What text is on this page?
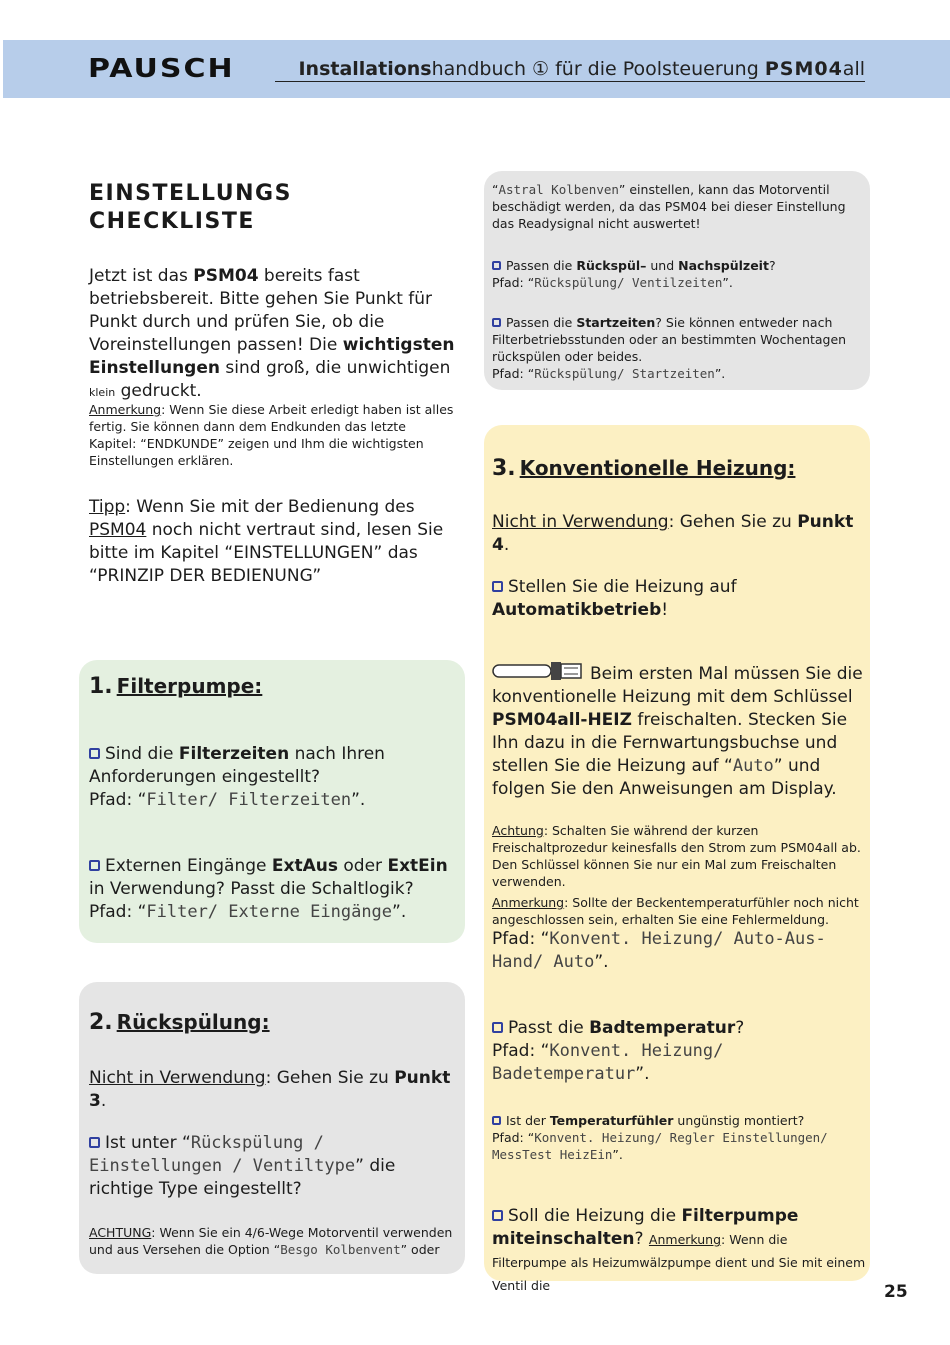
PAUSCH	Installationshandbuch ① für die Poolsteuerung PSM04all
EINSTELLUNGS
CHECKLISTE
Jetzt ist das PSM04 bereits fast betriebsbereit. Bitte gehen Sie Punkt für Punkt durch und prüfen Sie, ob die Voreinstellungen passen! Die wichtigsten Einstellungen sind groß, die unwichtigen klein gedruckt.
Anmerkung: Wenn Sie diese Arbeit erledigt haben ist alles fertig. Sie können dann dem Endkunden das letzte Kapitel: “ENDKUNDE” zeigen und Ihm die wichtigsten Einstellungen erklären.
Tipp: Wenn Sie mit der Bedienung des PSM04 noch nicht vertraut sind, lesen Sie bitte im Kapitel “EINSTELLUNGEN” das “PRINZIP DER BEDIENUNG”
1. Filterpumpe:
Sind die Filterzeiten nach Ihren Anforderungen eingestellt?
Pfad: “Filter/ Filterzeiten”.
Externen Eingänge ExtAus oder ExtEin in Verwendung? Passt die Schaltlogik?
Pfad: “Filter/ Externe Eingänge”.
2. Rückspülung:
Nicht in Verwendung: Gehen Sie zu Punkt 3.
Ist unter “Rückspülung / Einstellungen / Ventiltype” die richtige Type eingestellt?
ACHTUNG: Wenn Sie ein 4/6-Wege Motorventil verwenden und aus Versehen die Option “Besgo Kolbenvent” oder
“Astral Kolbenven” einstellen, kann das Motorventil beschädigt werden, da das PSM04 bei dieser Einstellung das Readysignal nicht auswertet!
Passen die Rückspül– und Nachspülzeit?
Pfad: “Rückspülung/ Ventilzeiten”.
Passen die Startzeiten? Sie können entweder nach Filterbetriebsstunden oder an bestimmten Wochentagen rückspülen oder beides.
Pfad: “Rückspülung/ Startzeiten”.
3. Konventionelle Heizung:
Nicht in Verwendung: Gehen Sie zu Punkt 4.
Stellen Sie die Heizung auf Automatikbetrieb!
Beim ersten Mal müssen Sie die konventionelle Heizung mit dem Schlüssel PSM04all-HEIZ freischalten. Stecken Sie Ihn dazu in die Fernwartungsbuchse und stellen Sie die Heizung auf “Auto” und folgen Sie den Anweisungen am Display.
Achtung: Schalten Sie während der kurzen Freischaltprozedur keinesfalls den Strom zum PSM04all ab. Den Schlüssel können Sie nur ein Mal zum Freischalten verwenden.
Anmerkung: Sollte der Beckentemperaturfühler noch nicht angeschlossen sein, erhalten Sie eine Fehlermeldung.
Pfad: “Konvent. Heizung/ Auto-Aus-Hand/ Auto”.
Passt die Badtemperatur?
Pfad: “Konvent. Heizung/ Badetemperatur”.
Ist der Temperaturfühler ungünstig montiert?
Pfad: “Konvent. Heizung/ Regler Einstellungen/ MessTest HeizEin”.
Soll die Heizung die Filterpumpe miteinschalten? Anmerkung: Wenn die Filterpumpe als Heizumwälzpumpe dient und Sie mit einem Ventil die	25
